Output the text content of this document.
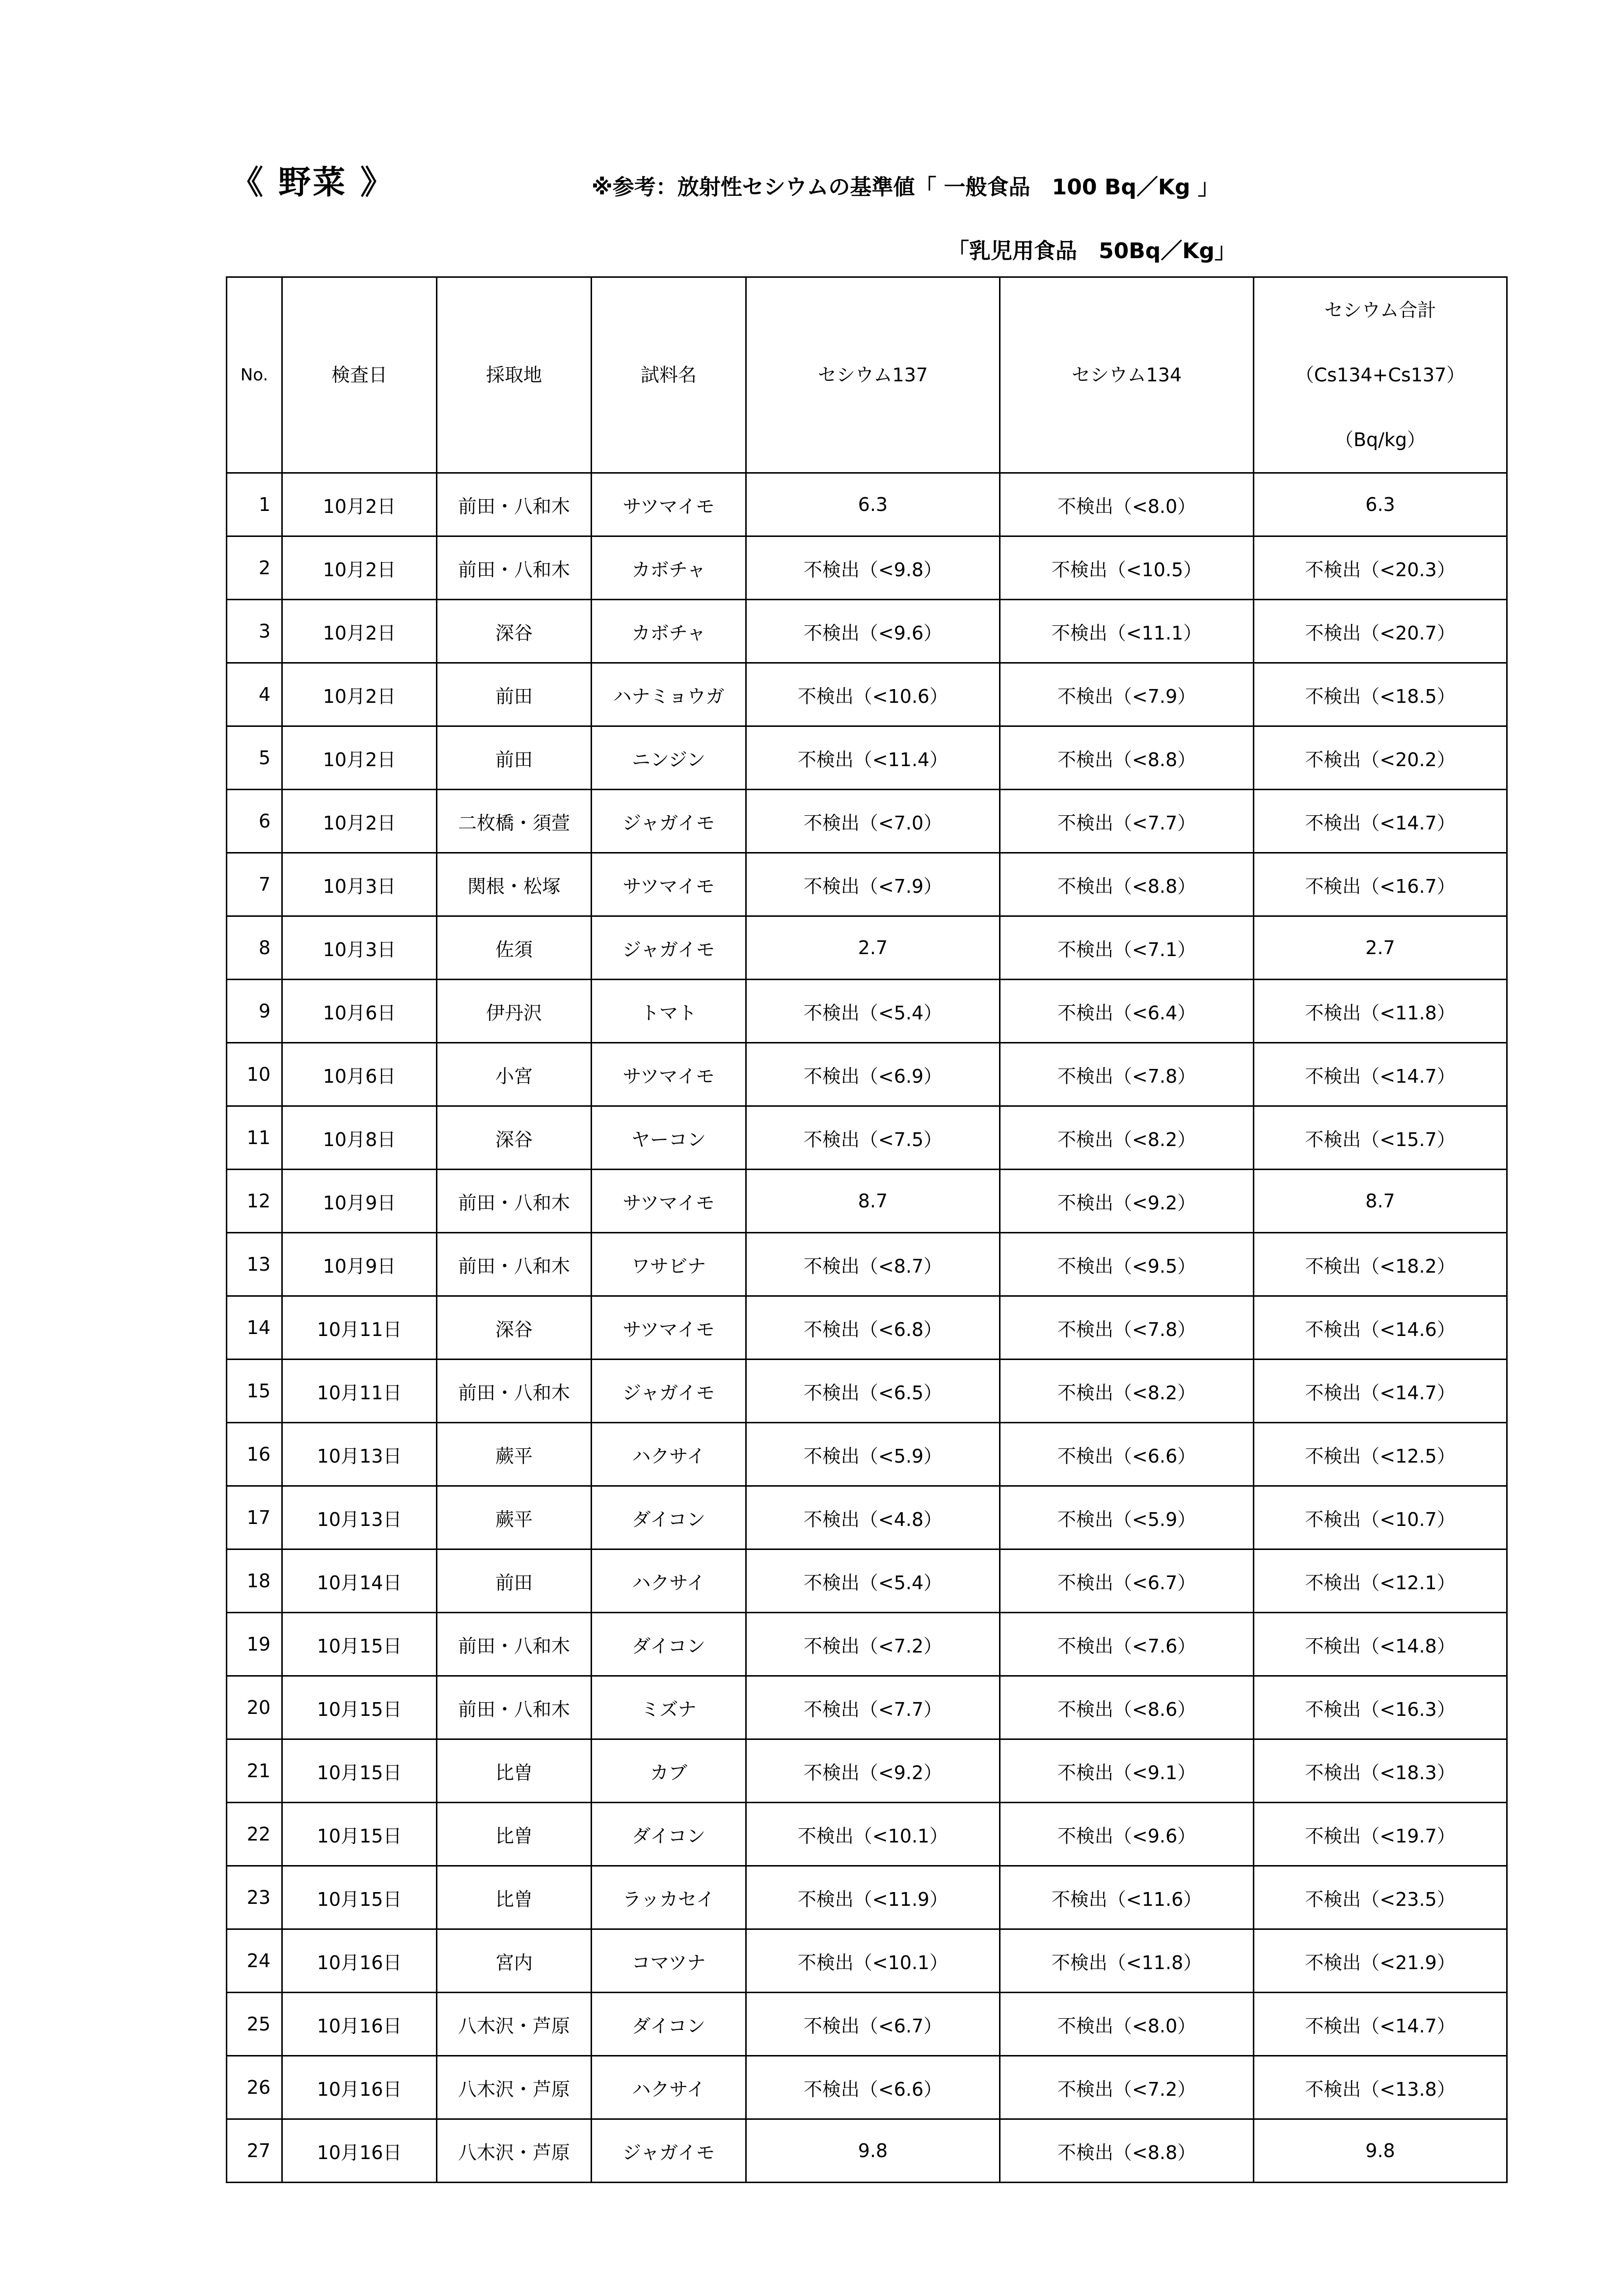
《 野菜 》	※参考：放射性セシウムの基準値「 一般食品　100 Bq／Kg 」
「乳児用食品　50Bq／Kg」
No.	検査日	採取地	試料名	セシウム137	セシウム134	セシウム合計
（Cs134+Cs137）
（Bq/kg）

1	10月2日	前田・八和木	サツマイモ	6.3	不検出（<8.0）	6.3
2	10月2日	前田・八和木	カボチャ	不検出（<9.8）	不検出（<10.5）	不検出（<20.3）
3	10月2日	深谷	カボチャ	不検出（<9.6）	不検出（<11.1）	不検出（<20.7）
4	10月2日	前田	ハナミョウガ	不検出（<10.6）	不検出（<7.9）	不検出（<18.5）
5	10月2日	前田	ニンジン	不検出（<11.4）	不検出（<8.8）	不検出（<20.2）
6	10月2日	二枚橋・須萱	ジャガイモ	不検出（<7.0）	不検出（<7.7）	不検出（<14.7）
7	10月3日	関根・松塚	サツマイモ	不検出（<7.9）	不検出（<8.8）	不検出（<16.7）
8	10月3日	佐須	ジャガイモ	2.7	不検出（<7.1）	2.7
9	10月6日	伊丹沢	トマト	不検出（<5.4）	不検出（<6.4）	不検出（<11.8）
10	10月6日	小宮	サツマイモ	不検出（<6.9）	不検出（<7.8）	不検出（<14.7）
11	10月8日	深谷	ヤーコン	不検出（<7.5）	不検出（<8.2）	不検出（<15.7）
12	10月9日	前田・八和木	サツマイモ	8.7	不検出（<9.2）	8.7
13	10月9日	前田・八和木	ワサビナ	不検出（<8.7）	不検出（<9.5）	不検出（<18.2）
14	10月11日	深谷	サツマイモ	不検出（<6.8）	不検出（<7.8）	不検出（<14.6）
15	10月11日	前田・八和木	ジャガイモ	不検出（<6.5）	不検出（<8.2）	不検出（<14.7）
16	10月13日	蕨平	ハクサイ	不検出（<5.9）	不検出（<6.6）	不検出（<12.5）
17	10月13日	蕨平	ダイコン	不検出（<4.8）	不検出（<5.9）	不検出（<10.7）
18	10月14日	前田	ハクサイ	不検出（<5.4）	不検出（<6.7）	不検出（<12.1）
19	10月15日	前田・八和木	ダイコン	不検出（<7.2）	不検出（<7.6）	不検出（<14.8）
20	10月15日	前田・八和木	ミズナ	不検出（<7.7）	不検出（<8.6）	不検出（<16.3）
21	10月15日	比曽	カブ	不検出（<9.2）	不検出（<9.1）	不検出（<18.3）
22	10月15日	比曽	ダイコン	不検出（<10.1）	不検出（<9.6）	不検出（<19.7）
23	10月15日	比曽	ラッカセイ	不検出（<11.9）	不検出（<11.6）	不検出（<23.5）
24	10月16日	宮内	コマツナ	不検出（<10.1）	不検出（<11.8）	不検出（<21.9）
25	10月16日	八木沢・芦原	ダイコン	不検出（<6.7）	不検出（<8.0）	不検出（<14.7）
26	10月16日	八木沢・芦原	ハクサイ	不検出（<6.6）	不検出（<7.2）	不検出（<13.8）
27	10月16日	八木沢・芦原	ジャガイモ	9.8	不検出（<8.8）	9.8
